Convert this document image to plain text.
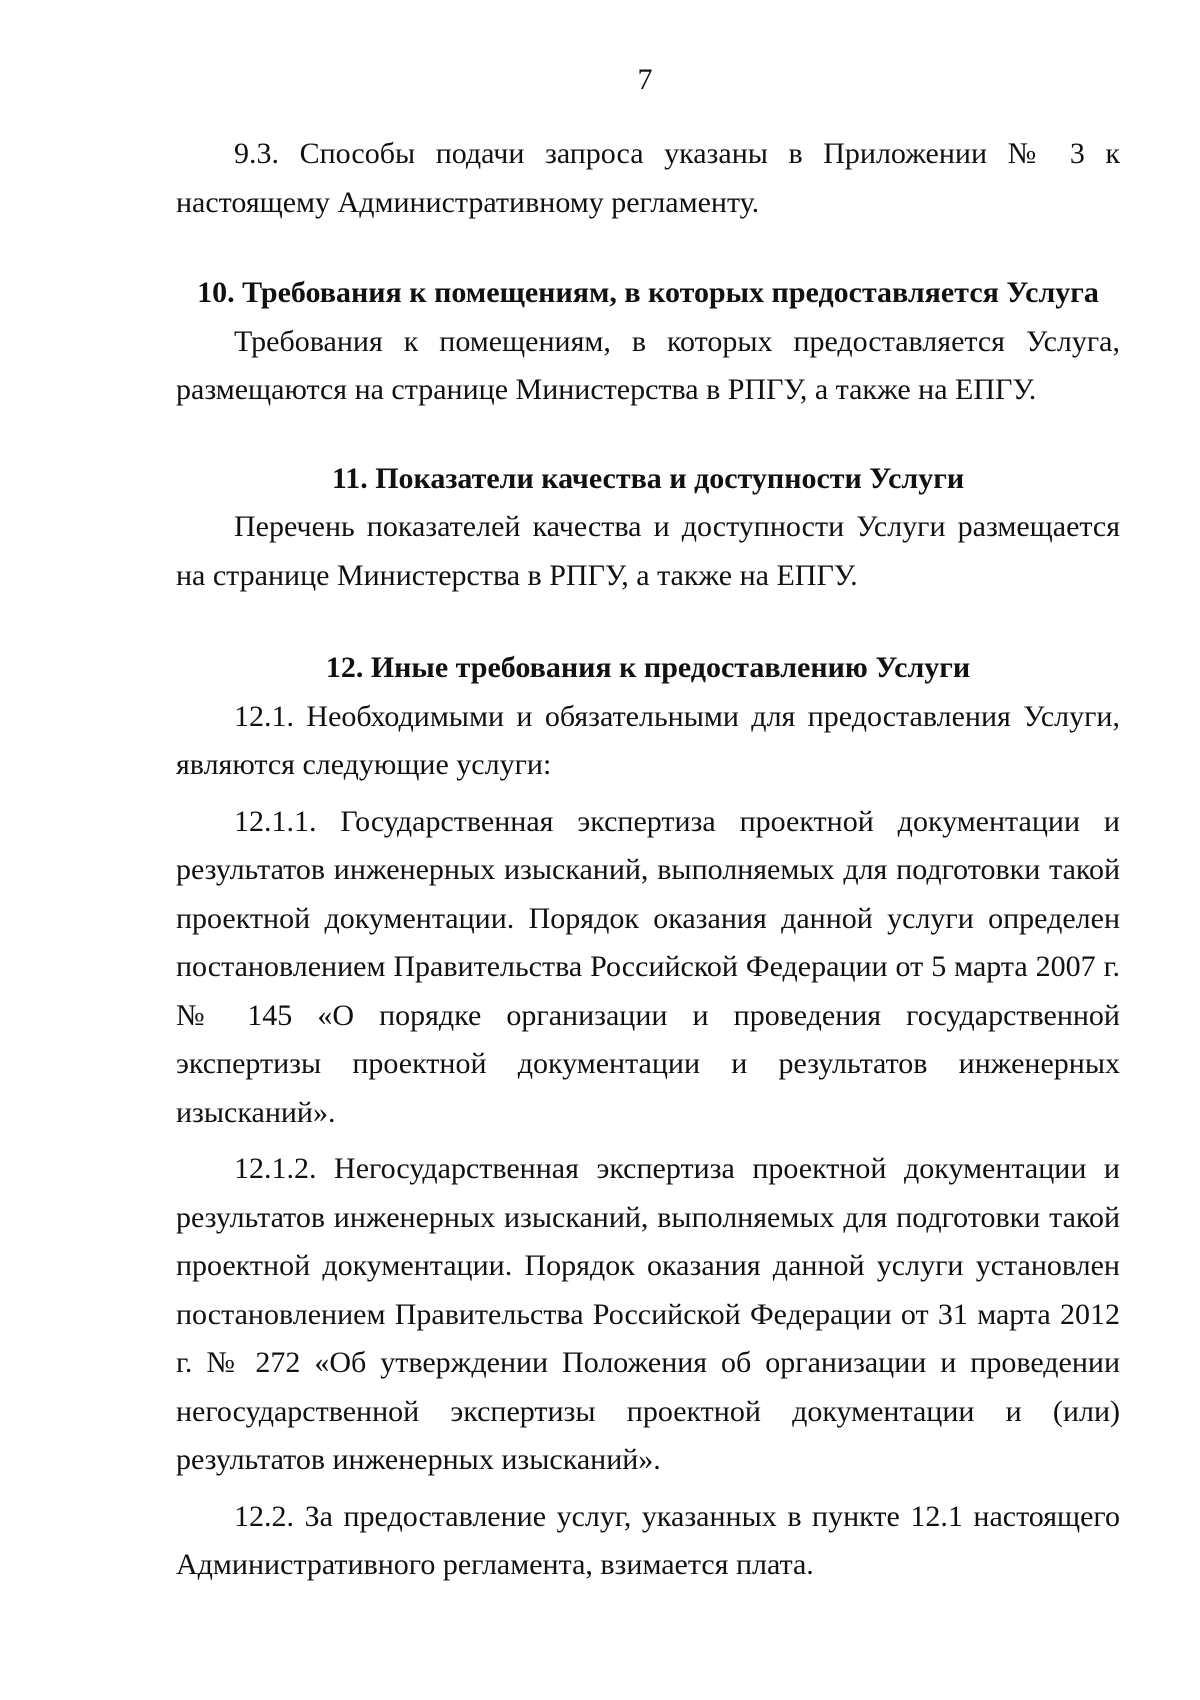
7

9.3. Способы подачи запроса указаны в Приложении № 3 к настоящему Административному регламенту.

10. Требования к помещениям, в которых предоставляется Услуга

Требования к помещениям, в которых предоставляется Услуга, размещаются на странице Министерства в РПГУ, а также на ЕПГУ.

11. Показатели качества и доступности Услуги

Перечень показателей качества и доступности Услуги размещается на странице Министерства в РПГУ, а также на ЕПГУ.

12. Иные требования к предоставлению Услуги

12.1. Необходимыми и обязательными для предоставления Услуги, являются следующие услуги:

12.1.1. Государственная экспертиза проектной документации и результатов инженерных изысканий, выполняемых для подготовки такой проектной документации. Порядок оказания данной услуги определен постановлением Правительства Российской Федерации от 5 марта 2007 г. № 145 «О порядке организации и проведения государственной экспертизы проектной документации и результатов инженерных изысканий».

12.1.2. Негосударственная экспертиза проектной документации и результатов инженерных изысканий, выполняемых для подготовки такой проектной документации. Порядок оказания данной услуги установлен постановлением Правительства Российской Федерации от 31 марта 2012 г. № 272 «Об утверждении Положения об организации и проведении негосударственной экспертизы проектной документации и (или) результатов инженерных изысканий».

12.2. За предоставление услуг, указанных в пункте 12.1 настоящего Административного регламента, взимается плата.
